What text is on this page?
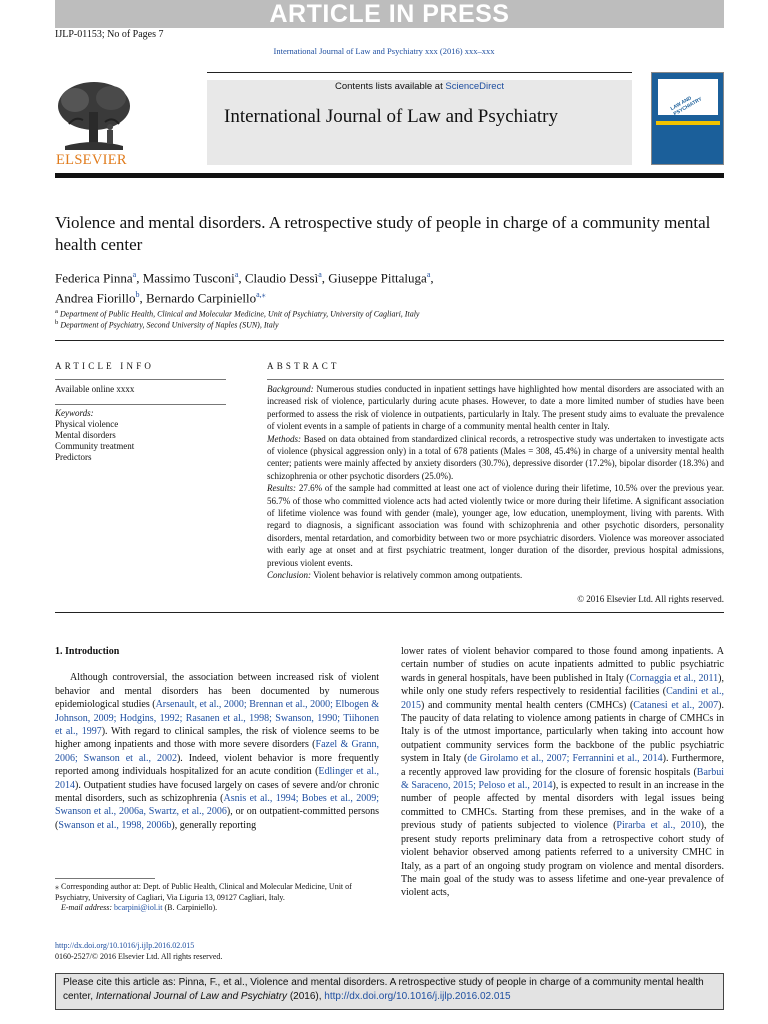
ARTICLE IN PRESS
IJLP-01153; No of Pages 7
International Journal of Law and Psychiatry xxx (2016) xxx–xxx
Contents lists available at ScienceDirect
International Journal of Law and Psychiatry
ELSEVIER
LAW AND PSYCHIATRY
Violence and mental disorders. A retrospective study of people in charge of a community mental health center
Federica Pinna$^a$, Massimo Tusconi$^a$, Claudio Dessì$^a$, Giuseppe Pittaluga$^a$,
Andrea Fiorillo$^b$, Bernardo Carpiniello$^{a,⁎}$
$^a$ Department of Public Health, Clinical and Molecular Medicine, Unit of Psychiatry, University of Cagliari, Italy
$^b$ Department of Psychiatry, Second University of Naples (SUN), Italy
ARTICLE INFO
Available online xxxx
Keywords:
Physical violence
Mental disorders
Community treatment
Predictors
ABSTRACT
Background: Numerous studies conducted in inpatient settings have highlighted how mental disorders are associated with an increased risk of violence, particularly during acute phases. However, to date a more limited number of studies have been performed to assess the risk of violence in outpatients, particularly in Italy. The present study aims to evaluate the prevalence of violent events in a sample of patients in charge of a community mental health center in Italy.
Methods: Based on data obtained from standardized clinical records, a retrospective study was undertaken to investigate acts of violence (physical aggression only) in a total of 678 patients (Males = 308, 45.4%) in charge of a university mental health center; patients were mainly affected by anxiety disorders (30.7%), depressive disorder (17.2%), bipolar disorder (18.3%) and schizophrenia or other psychotic disorders (25.0%).
Results: 27.6% of the sample had committed at least one act of violence during their lifetime, 10.5% over the previous year. 56.7% of those who committed violence acts had acted violently twice or more during their lifetime. A significant association of lifetime violence was found with gender (male), younger age, low education, unemployment, living with parents. With regard to diagnosis, a significant association was found with schizophrenia and other psychotic disorders, personality disorders, mental retardation, and comorbidity between two or more psychiatric disorders. Violence was moreover associated with early age at onset and at first psychiatric treatment, longer duration of the disorder, previous hospital admissions, previous violent events.
Conclusion: Violent behavior is relatively common among outpatients.
© 2016 Elsevier Ltd. All rights reserved.
1. Introduction

Although controversial, the association between increased risk of violent behavior and mental disorders has been documented by numerous epidemiological studies (Arsenault, et al., 2000; Brennan et al., 2000; Elbogen & Johnson, 2009; Hodgins, 1992; Rasanen et al., 1998; Swanson, 1990; Tiihonen et al., 1997). With regard to clinical samples, the risk of violence seems to be higher among inpatients and those with more severe disorders (Fazel & Grann, 2006; Swanson et al., 2002). Indeed, violent behavior is more frequently reported among individuals hospitalized for an acute condition (Edlinger et al., 2014). Outpatient studies have focused largely on cases of severe and/or chronic mental disorders, such as schizophrenia (Asnis et al., 1994; Bobes et al., 2009; Swanson et al., 2006a, Swartz, et al., 2006), or on outpatient-committed persons (Swanson et al., 1998, 2006b), generally reporting

lower rates of violent behavior compared to those found among inpatients. A certain number of studies on acute inpatients admitted to public psychiatric wards in general hospitals, have been published in Italy (Cornaggia et al., 2011), while only one study refers respectively to residential facilities (Candini et al., 2015) and community mental health centers (CMHCs) (Catanesi et al., 2007). The paucity of data relating to violence among patients in charge of CMHCs in Italy is of the utmost importance, particularly when taking into account how outpatient community services form the backbone of the public psychiatric system in Italy (de Girolamo et al., 2007; Ferrannini et al., 2014). Furthermore, a recently approved law providing for the closure of forensic hospitals (Barbui & Saraceno, 2015; Peloso et al., 2014), is expected to result in an increase in the number of people affected by mental disorders with legal issues being committed to CMHCs. Starting from these premises, and in the wake of a previous study of patients subjected to violence (Pirarba et al., 2010), the present study reports preliminary data from a retrospective cohort study of violent behavior observed among patients referred to a university CMHC in Italy, as a part of an ongoing study program on violence and mental disorders. The main goal of the study was to assess lifetime and one-year prevalence of violent acts,

⁎ Corresponding author at: Dept. of Public Health, Clinical and Molecular Medicine, Unit of Psychiatry, University of Cagliari, Via Liguria 13, 09127 Cagliari, Italy.
E-mail address: bcarpini@iol.it (B. Carpiniello).
http://dx.doi.org/10.1016/j.ijlp.2016.02.015
0160-2527/© 2016 Elsevier Ltd. All rights reserved.
Please cite this article as: Pinna, F., et al., Violence and mental disorders. A retrospective study of people in charge of a community mental health center, International Journal of Law and Psychiatry (2016), http://dx.doi.org/10.1016/j.ijlp.2016.02.015
